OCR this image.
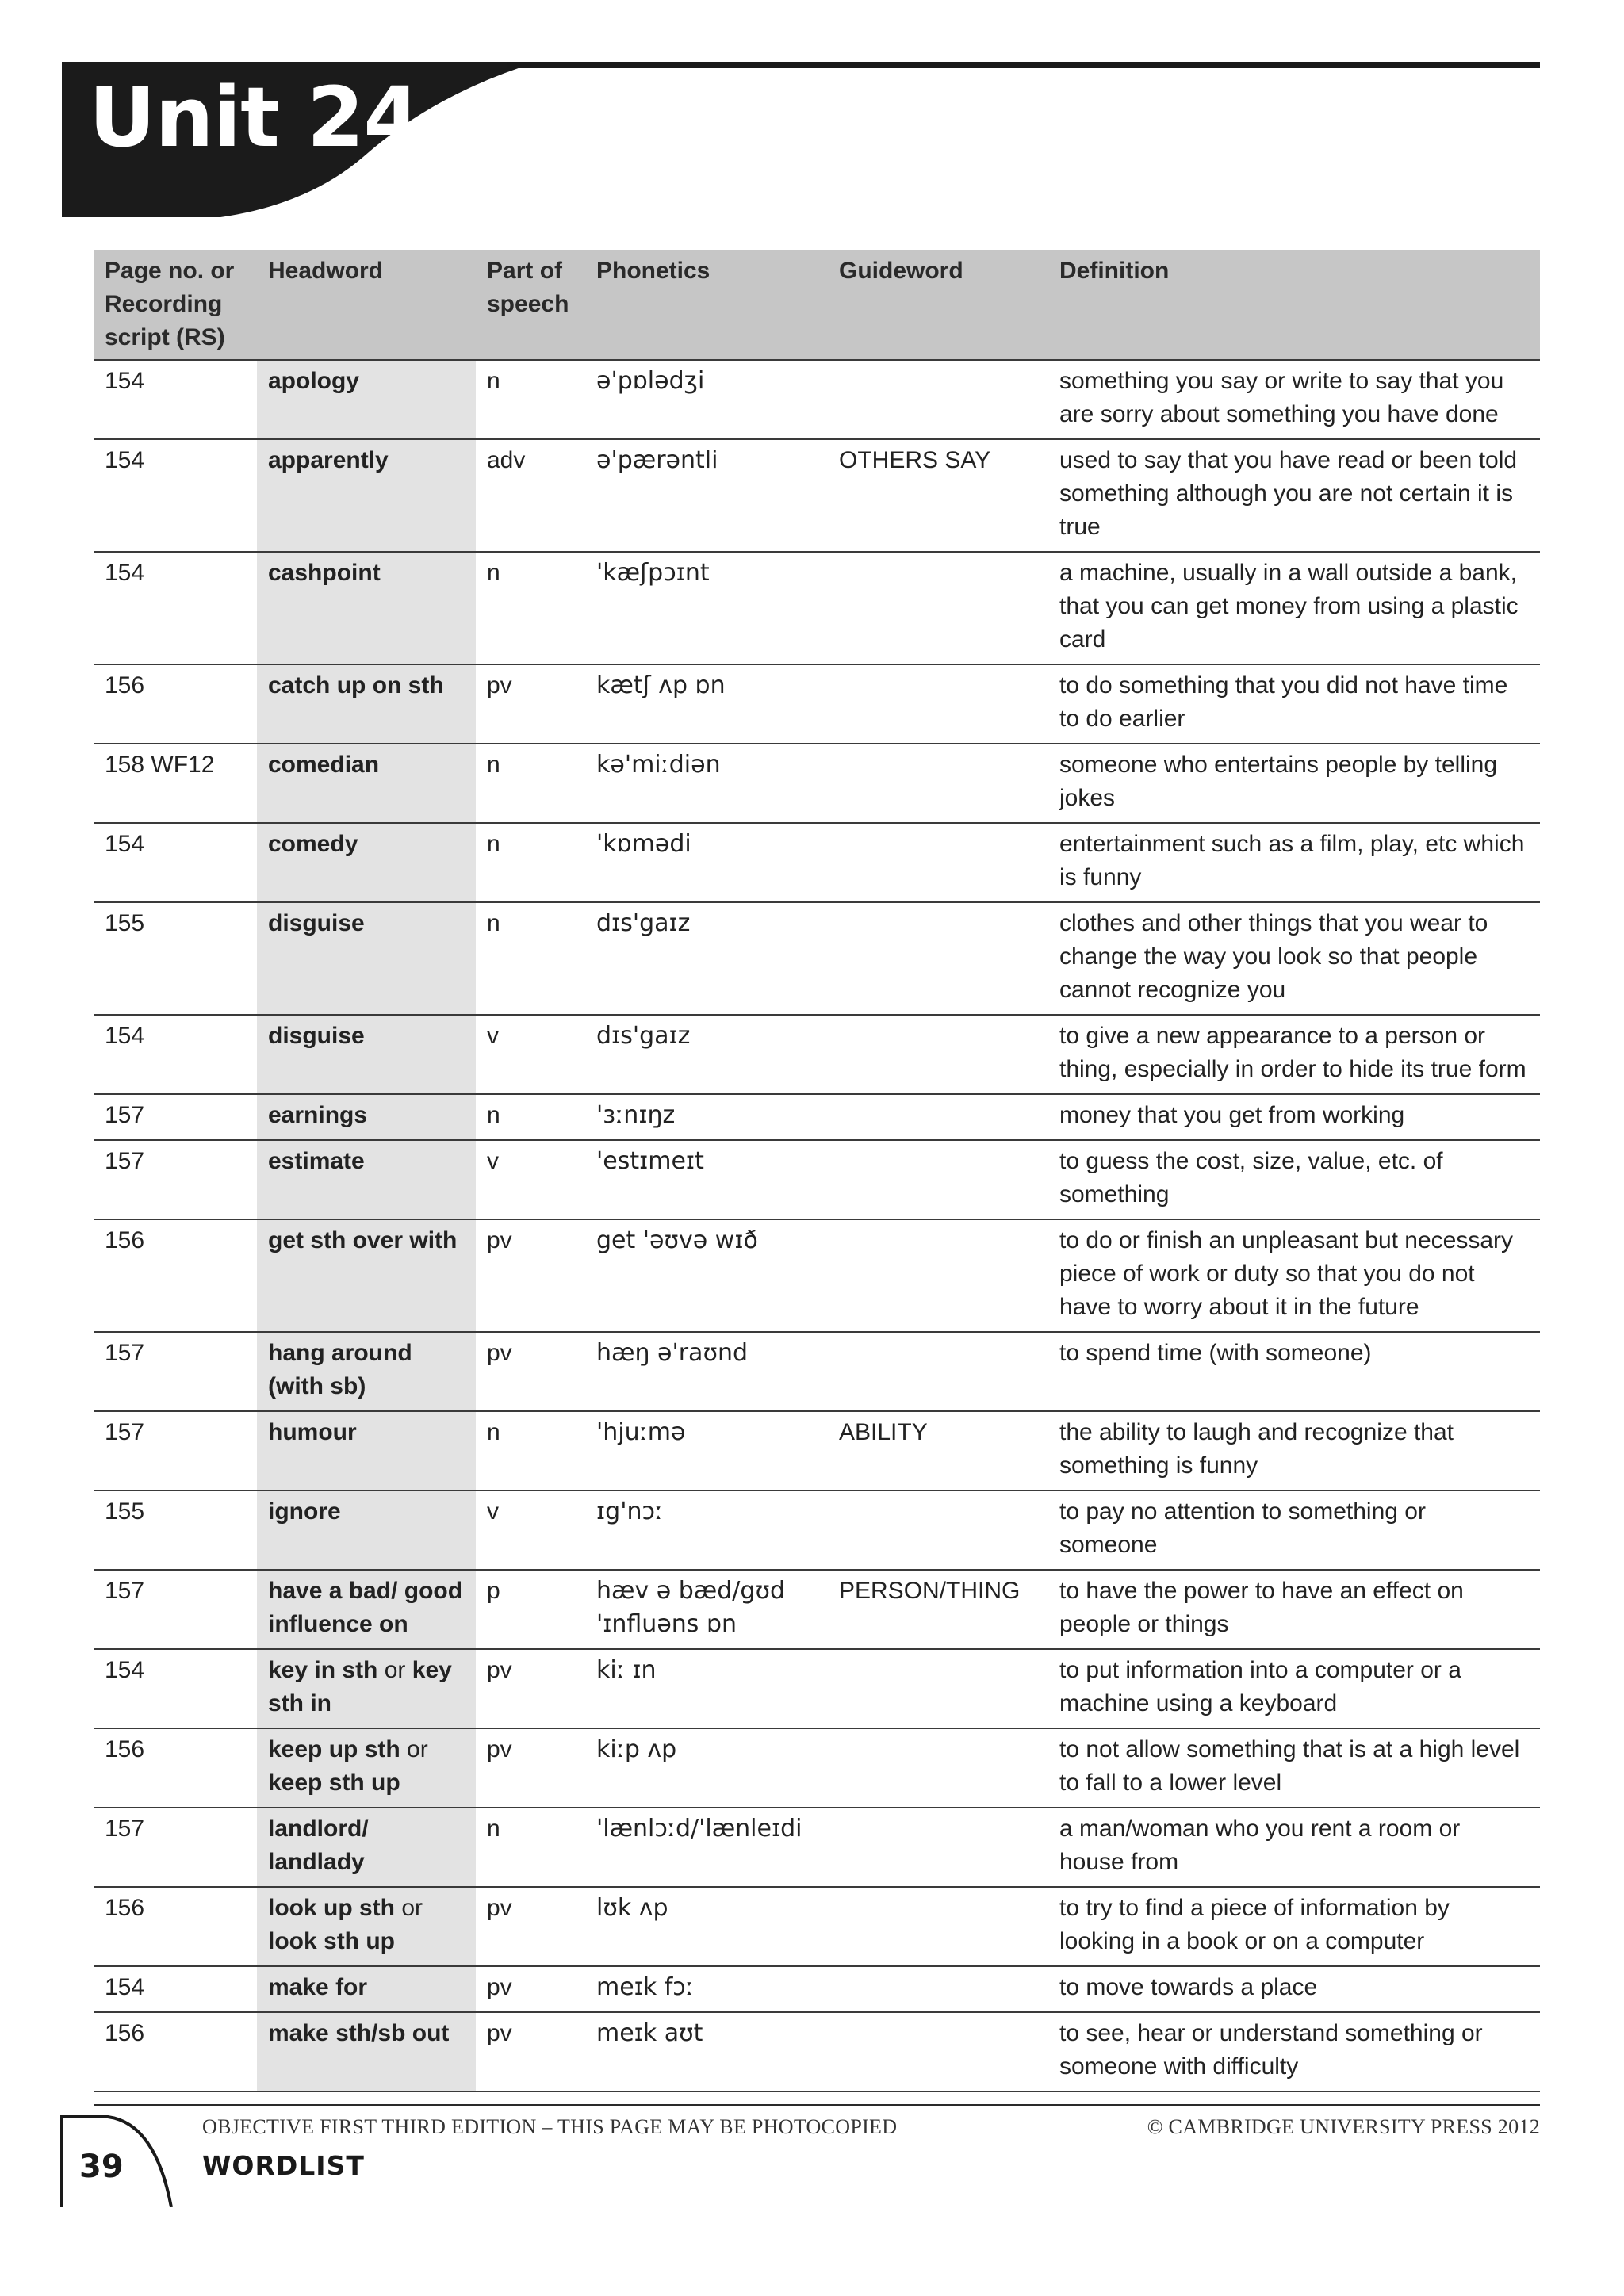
Unit 24
Page no. or Recording script (RS)	Headword	Part of speech	Phonetics	Guideword	Definition
154	apology	n	ə'pɒlədʒi		something you say or write to say that you are sorry about something you have done
154	apparently	adv	ə'pærəntli	OTHERS SAY	used to say that you have read or been told something although you are not certain it is true
154	cashpoint	n	'kæʃpɔɪnt		a machine, usually in a wall outside a bank, that you can get money from using a plastic card
156	catch up on sth	pv	kætʃ ʌp ɒn		to do something that you did not have time to do earlier
158 WF12	comedian	n	kə'miːdiən		someone who entertains people by telling jokes
154	comedy	n	'kɒmədi		entertainment such as a film, play, etc which is funny
155	disguise	n	dɪs'gaɪz		clothes and other things that you wear to change the way you look so that people cannot recognize you
154	disguise	v	dɪs'gaɪz		to give a new appearance to a person or thing, especially in order to hide its true form
157	earnings	n	'ɜːnɪŋz		money that you get from working
157	estimate	v	'estɪmeɪt		to guess the cost, size, value, etc. of something
156	get sth over with	pv	get 'əʊvə wɪð		to do or finish an unpleasant but necessary piece of work or duty so that you do not have to worry about it in the future
157	hang around (with sb)	pv	hæŋ ə'raʊnd		to spend time (with someone)
157	humour	n	'hjuːmə	ABILITY	the ability to laugh and recognize that something is funny
155	ignore	v	ɪg'nɔː		to pay no attention to something or someone
157	have a bad/ good influence on	p	hæv ə bæd/gʊd 'ɪnfluəns ɒn	PERSON/THING	to have the power to have an effect on people or things
154	key in sth or key sth in	pv	kiː ɪn		to put information into a computer or a machine using a keyboard
156	keep up sth or keep sth up	pv	kiːp ʌp		to not allow something that is at a high level to fall to a lower level
157	landlord/ landlady	n	'lænlɔːd/'lænleɪdi		a man/woman who you rent a room or house from
156	look up sth or look sth up	pv	lʊk ʌp		to try to find a piece of information by looking in a book or on a computer
154	make for	pv	meɪk fɔː		to move towards a place
156	make sth/sb out	pv	meɪk aʊt		to see, hear or understand something or someone with difficulty
OBJECTIVE FIRST THIRD EDITION – THIS PAGE MAY BE PHOTOCOPIED	© CAMBRIDGE UNIVERSITY PRESS 2012
39	WORDLIST
